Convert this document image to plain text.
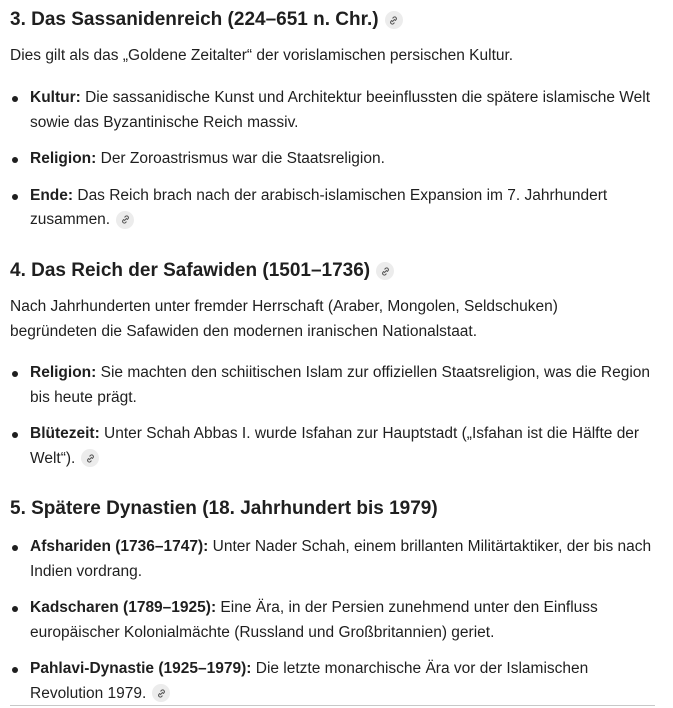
3. Das Sassanidenreich (224–651 n. Chr.)

Dies gilt als das „Goldene Zeitalter“ der vorislamischen persischen Kultur.

Kultur: Die sassanidische Kunst und Architektur beeinflussten die spätere islamische Welt sowie das Byzantinische Reich massiv.
Religion: Der Zoroastrismus war die Staatsreligion.
Ende: Das Reich brach nach der arabisch-islamischen Expansion im 7. Jahrhundert zusammen.
4. Das Reich der Safawiden (1501–1736)

Nach Jahrhunderten unter fremder Herrschaft (Araber, Mongolen, Seldschuken) begründeten die Safawiden den modernen iranischen Nationalstaat.

Religion: Sie machten den schiitischen Islam zur offiziellen Staatsreligion, was die Region bis heute prägt.
Blütezeit: Unter Schah Abbas I. wurde Isfahan zur Hauptstadt („Isfahan ist die Hälfte der Welt“).
5. Spätere Dynastien (18. Jahrhundert bis 1979)
Afshariden (1736–1747): Unter Nader Schah, einem brillanten Militärtaktiker, der bis nach Indien vordrang.
Kadscharen (1789–1925): Eine Ära, in der Persien zunehmend unter den Einfluss europäischer Kolonialmächte (Russland und Großbritannien) geriet.
Pahlavi-Dynastie (1925–1979): Die letzte monarchische Ära vor der Islamischen Revolution 1979.
